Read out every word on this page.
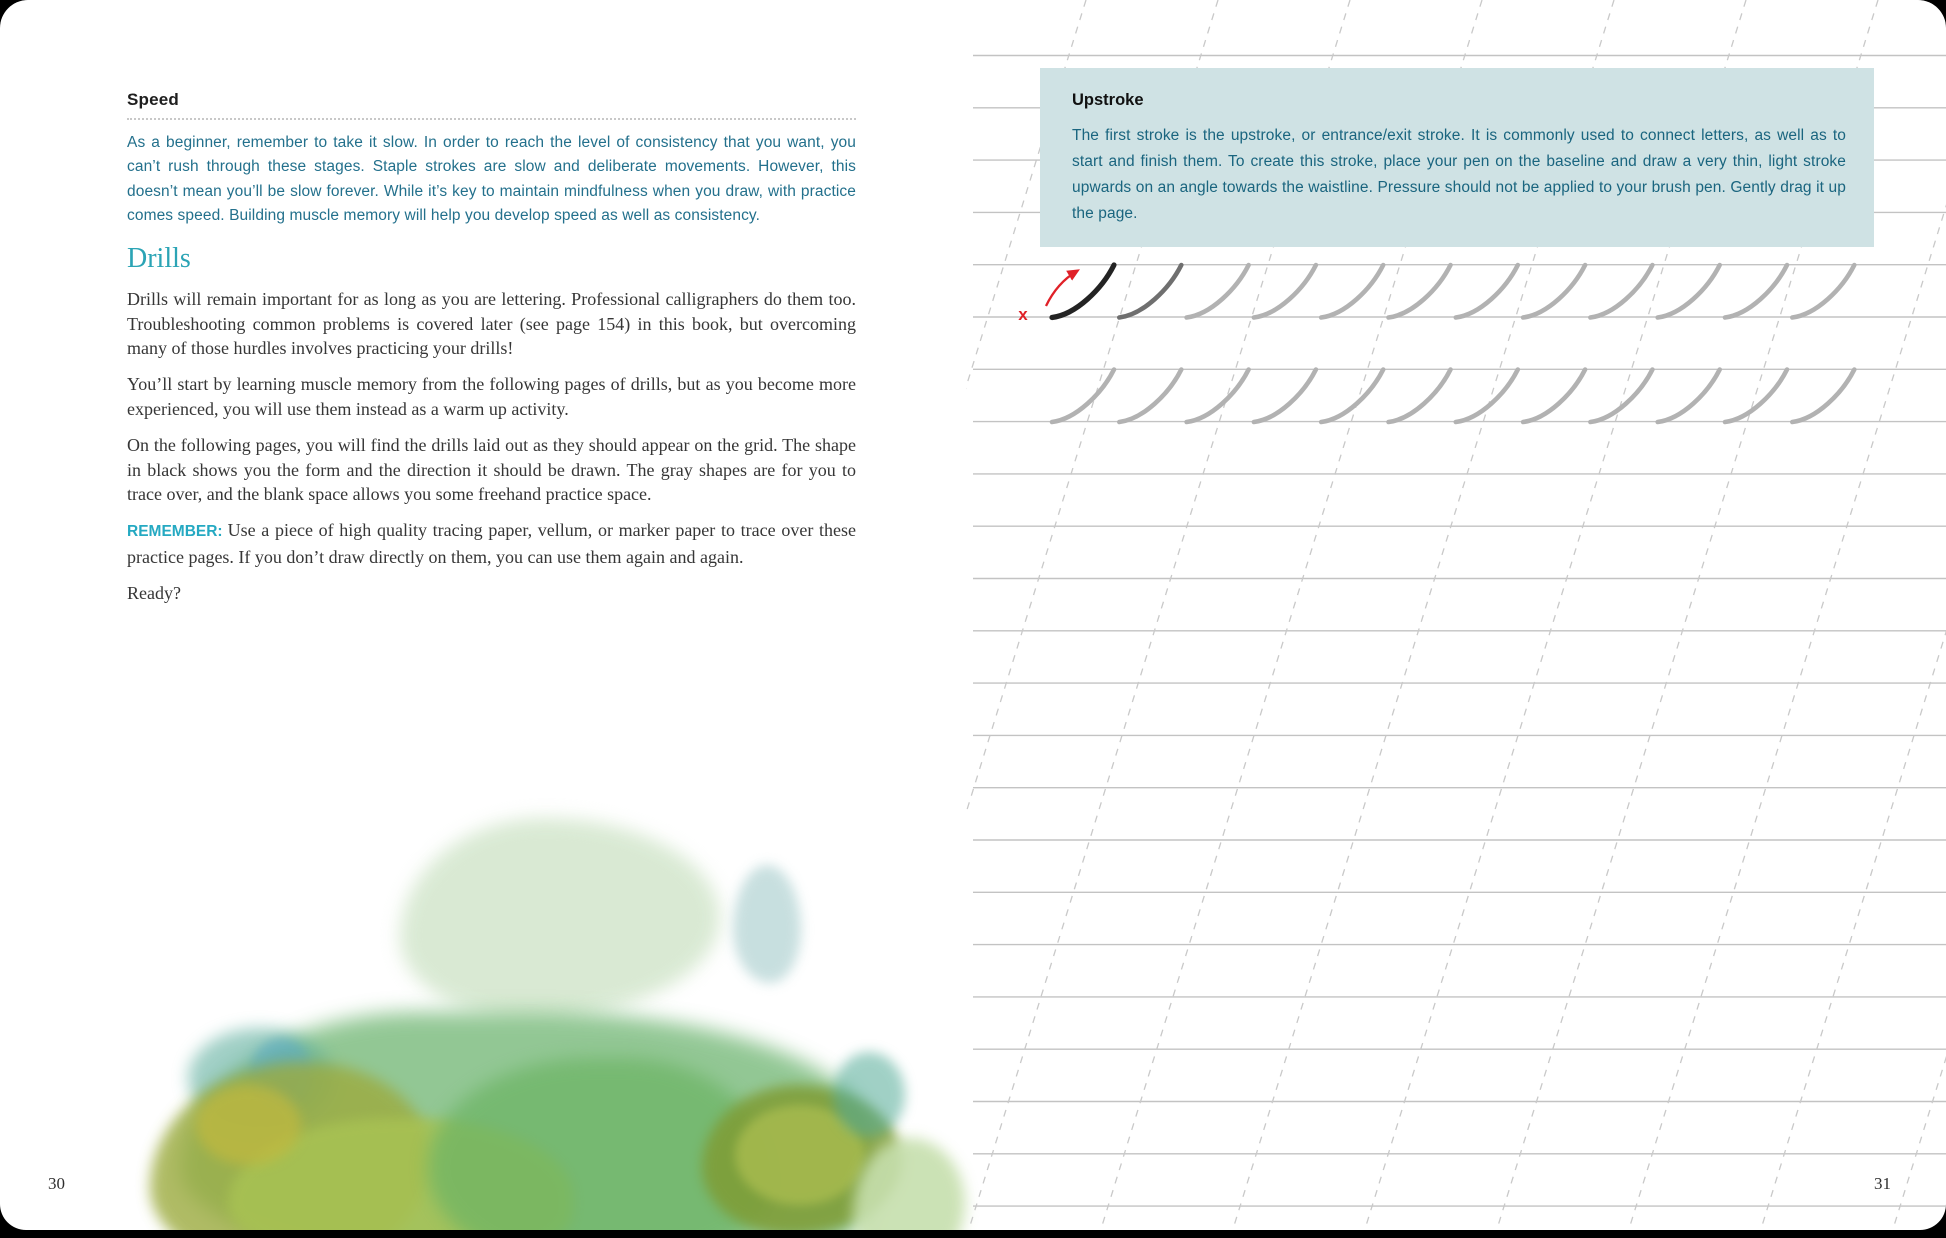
x
Upstroke
The first stroke is the upstroke, or entrance/exit stroke. It is commonly used to connect letters, as well as to start and finish them. To create this stroke, place your pen on the baseline and draw a very thin, light stroke upwards on an angle towards the waistline. Pressure should not be applied to your brush pen. Gently drag it up the page.
Speed

As a beginner, remember to take it slow. In order to reach the level of consistency that you want, you can’t rush through these stages. Staple strokes are slow and deliberate movements. However, this doesn’t mean you’ll be slow forever. While it’s key to maintain mindfulness when you draw, with practice comes speed. Building muscle memory will help you develop speed as well as consistency.

Drills

Drills will remain important for as long as you are lettering. Professional calligraphers do them too. Troubleshooting common problems is covered later (see page 154) in this book, but overcoming many of those hurdles involves practicing your drills!

You’ll start by learning muscle memory from the following pages of drills, but as you become more experienced, you will use them instead as a warm up activity.

On the following pages, you will find the drills laid out as they should appear on the grid. The shape in black shows you the form and the direction it should be drawn. The gray shapes are for you to trace over, and the blank space allows you some freehand practice space.

REMEMBER: Use a piece of high quality tracing paper, vellum, or marker paper to trace over these practice pages. If you don’t draw directly on them, you can use them again and again.

Ready?

30	31
